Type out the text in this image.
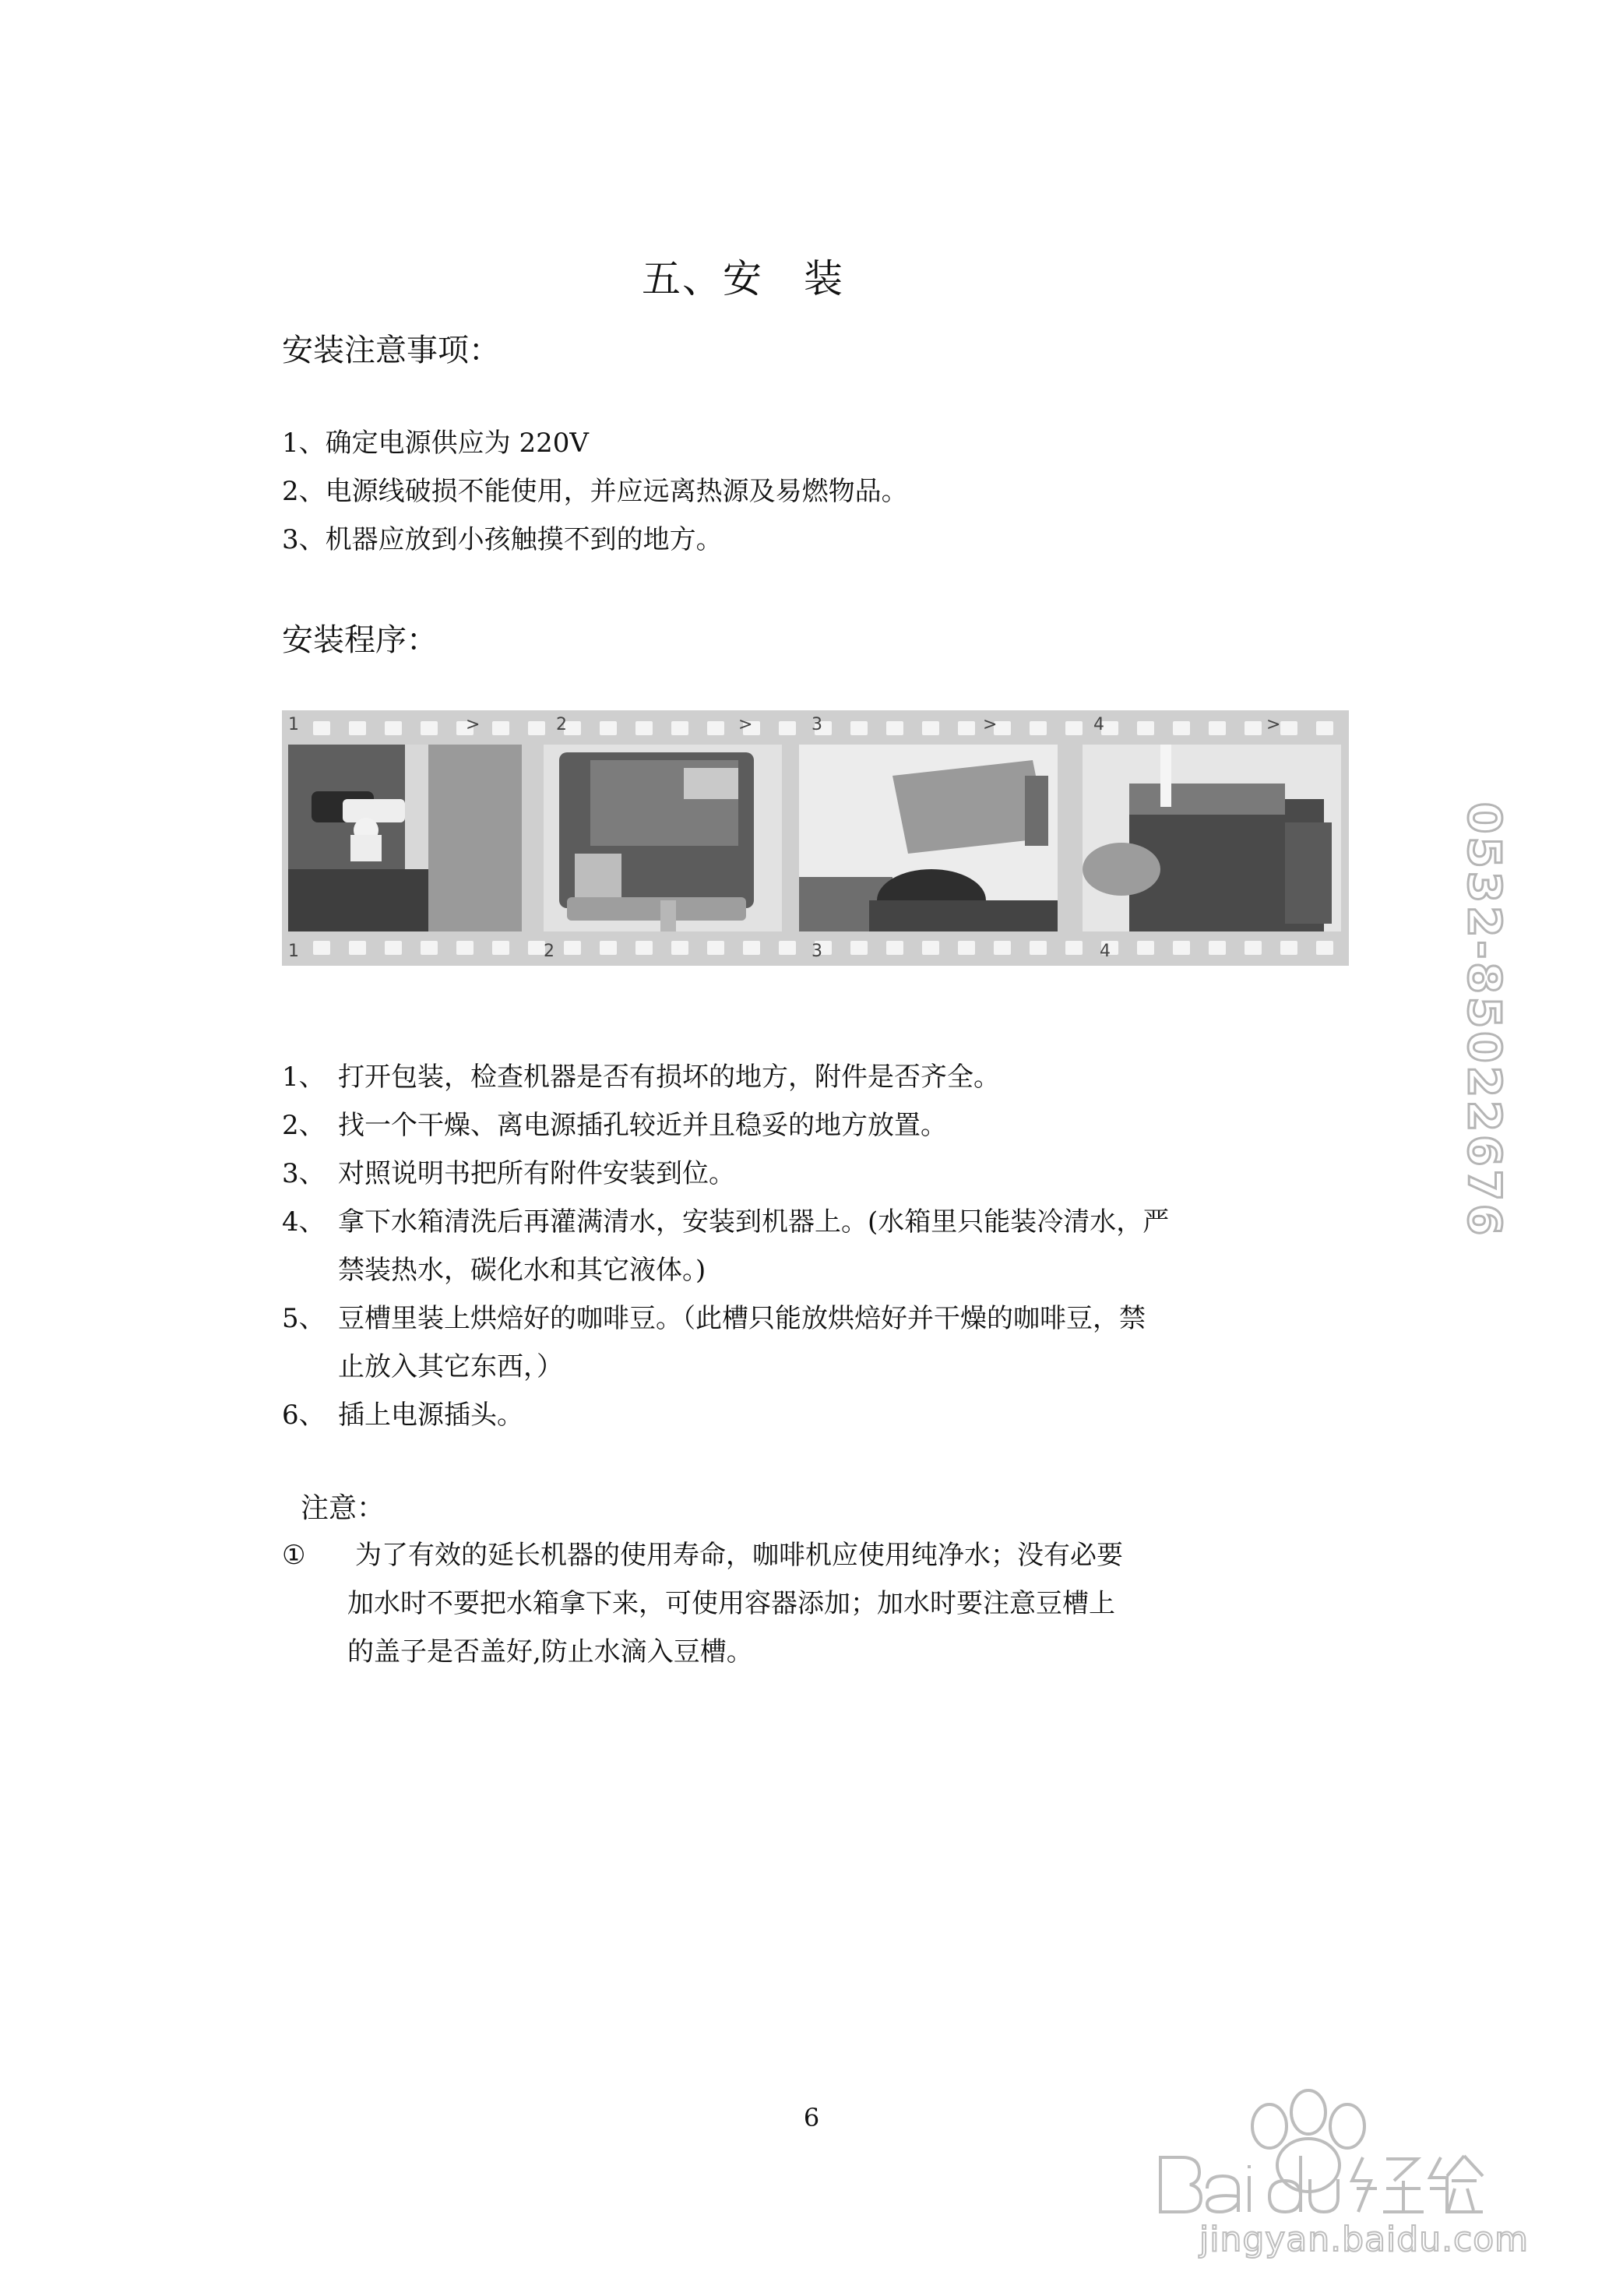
五、安　装
安装注意事项：
1、确定电源供应为 220V
2、电源线破损不能使用，并应远离热源及易燃物品。
3、机器应放到小孩触摸不到的地方。
安装程序：
1	>
1
2	>
2
3	>
3
4	>
4
1、 打开包装，检查机器是否有损坏的地方，附件是否齐全。
2、 找一个干燥、离电源插孔较近并且稳妥的地方放置。
3、 对照说明书把所有附件安装到位。
4、 拿下水箱清洗后再灌满清水，安装到机器上。(水箱里只能装冷清水，严
禁装热水，碳化水和其它液体。)
5、 豆槽里装上烘焙好的咖啡豆。（此槽只能放烘焙好并干燥的咖啡豆，禁
止放入其它东西，）
6、 插上电源插头。
注意：
① 为了有效的延长机器的使用寿命，咖啡机应使用纯净水；没有必要
加水时不要把水箱拿下来，可使用容器添加；加水时要注意豆槽上
的盖子是否盖好,防止水滴入豆槽。
6
0532-85022676
jingyan.baidu.com
